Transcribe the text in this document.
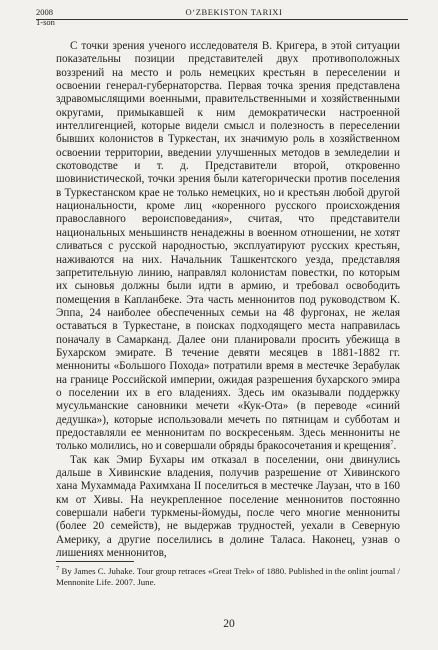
2008
1-son
O‘ZBEKISTON TARIXI

С точки зрения ученого исследователя В. Кригера, в этой ситуации показательны позиции представителей двух противоположных воззрений на место и роль немецких крестьян в переселении и освоении генерал-губернаторства. Первая точка зрения представлена здравомыслящими военными, правительственными и хозяйственными округами, примыкавшей к ним демократически настроенной интеллигенцией, которые видели смысл и полезность в переселении бывших колонистов в Туркестан, их значимую роль в хозяйственном освоении территории, введении улучшенных методов в земледелии и скотоводстве и т. д. Представители второй, откровенно шовинистической, точки зрения были категорически против поселения в Туркестанском крае не только немецких, но и крестьян любой другой национальности, кроме лиц «коренного русского происхождения православного вероисповедания», считая, что представители национальных меньшинств ненадежны в военном отношении, не хотят сливаться с русской народностью, эксплуатируют русских крестьян, наживаются на них. Начальник Ташкентского уезда, представляя запретительную линию, направлял колонистам повестки, по которым их сыновья должны были идти в армию, и требовал освободить помещения в Капланбеке. Эта часть меннонитов под руководством К. Эппа, 24 наиболее обеспеченных семьи на 48 фургонах, не желая оставаться в Туркестане, в поисках подходящего места направилась поначалу в Самарканд. Далее они планировали просить убежища в Бухарском эмирате. В течение девяти месяцев в 1881-1882 гг. меннониты «Большого Похода» потратили время в местечке Зерабулак на границе Российской империи, ожидая разрешения бухарского эмира о поселении их в его владениях. Здесь им оказывали поддержку мусульманские сановники мечети «Кук-Ота» (в переводе «синий дедушка»), которые использовали мечеть по пятницам и субботам и предоставляли ее меннонитам по воскресеньям. Здесь меннониты не только молились, но и совершали обряды бракосочетания и крещения$^7$.

Так как Эмир Бухары им отказал в поселении, они двинулись дальше в Хивинские владения, получив разрешение от Хивинского хана Мухаммада Рахимхана II поселиться в местечке Лаузан, что в 160 км от Хивы. На неукрепленное поселение меннонитов постоянно совершали набеги туркмены-йомуды, после чего многие меннониты (более 20 семейств), не выдержав трудностей, уехали в Северную Америку, а другие поселились в долине Таласа. Наконец, узнав о лишениях меннонитов,

$^7$ By James C. Juhake. Tour group retraces «Great Trek» of 1880. Published in the onlint journal / Mennonite Life. 2007. June.
20
